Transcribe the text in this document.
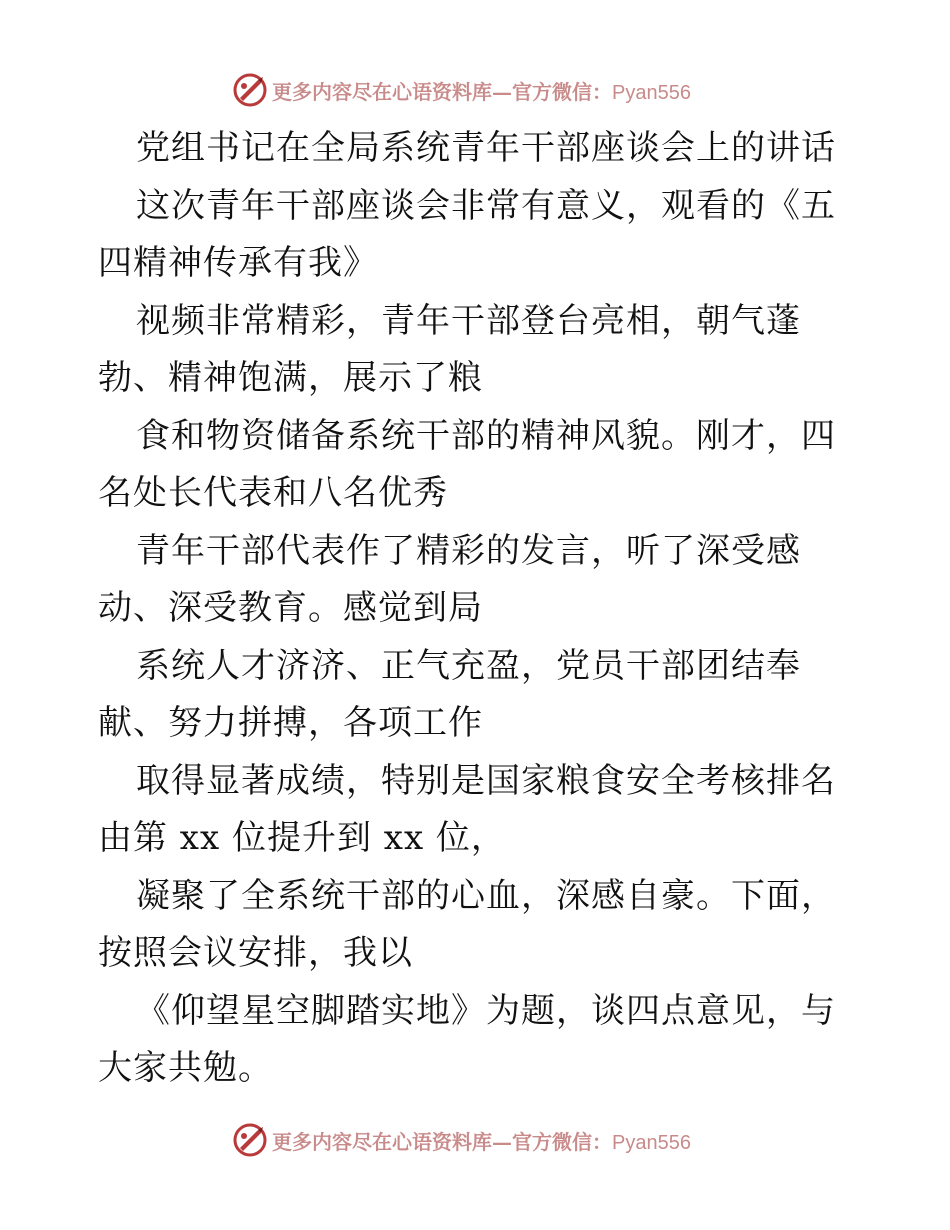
更多内容尽在心语资料库—官方微信：Pyan556

党组书记在全局系统青年干部座谈会上的讲话

这次青年干部座谈会非常有意义，观看的《五四精神传承有我》

视频非常精彩，青年干部登台亮相，朝气蓬勃、精神饱满，展示了粮

食和物资储备系统干部的精神风貌。刚才，四名处长代表和八名优秀

青年干部代表作了精彩的发言，听了深受感动、深受教育。感觉到局

系统人才济济、正气充盈，党员干部团结奉献、努力拼搏，各项工作

取得显著成绩，特别是国家粮食安全考核排名由第 xx 位提升到 xx 位，

凝聚了全系统干部的心血，深感自豪。下面，按照会议安排，我以

《仰望星空脚踏实地》为题，谈四点意见，与大家共勉。

更多内容尽在心语资料库—官方微信：Pyan556
